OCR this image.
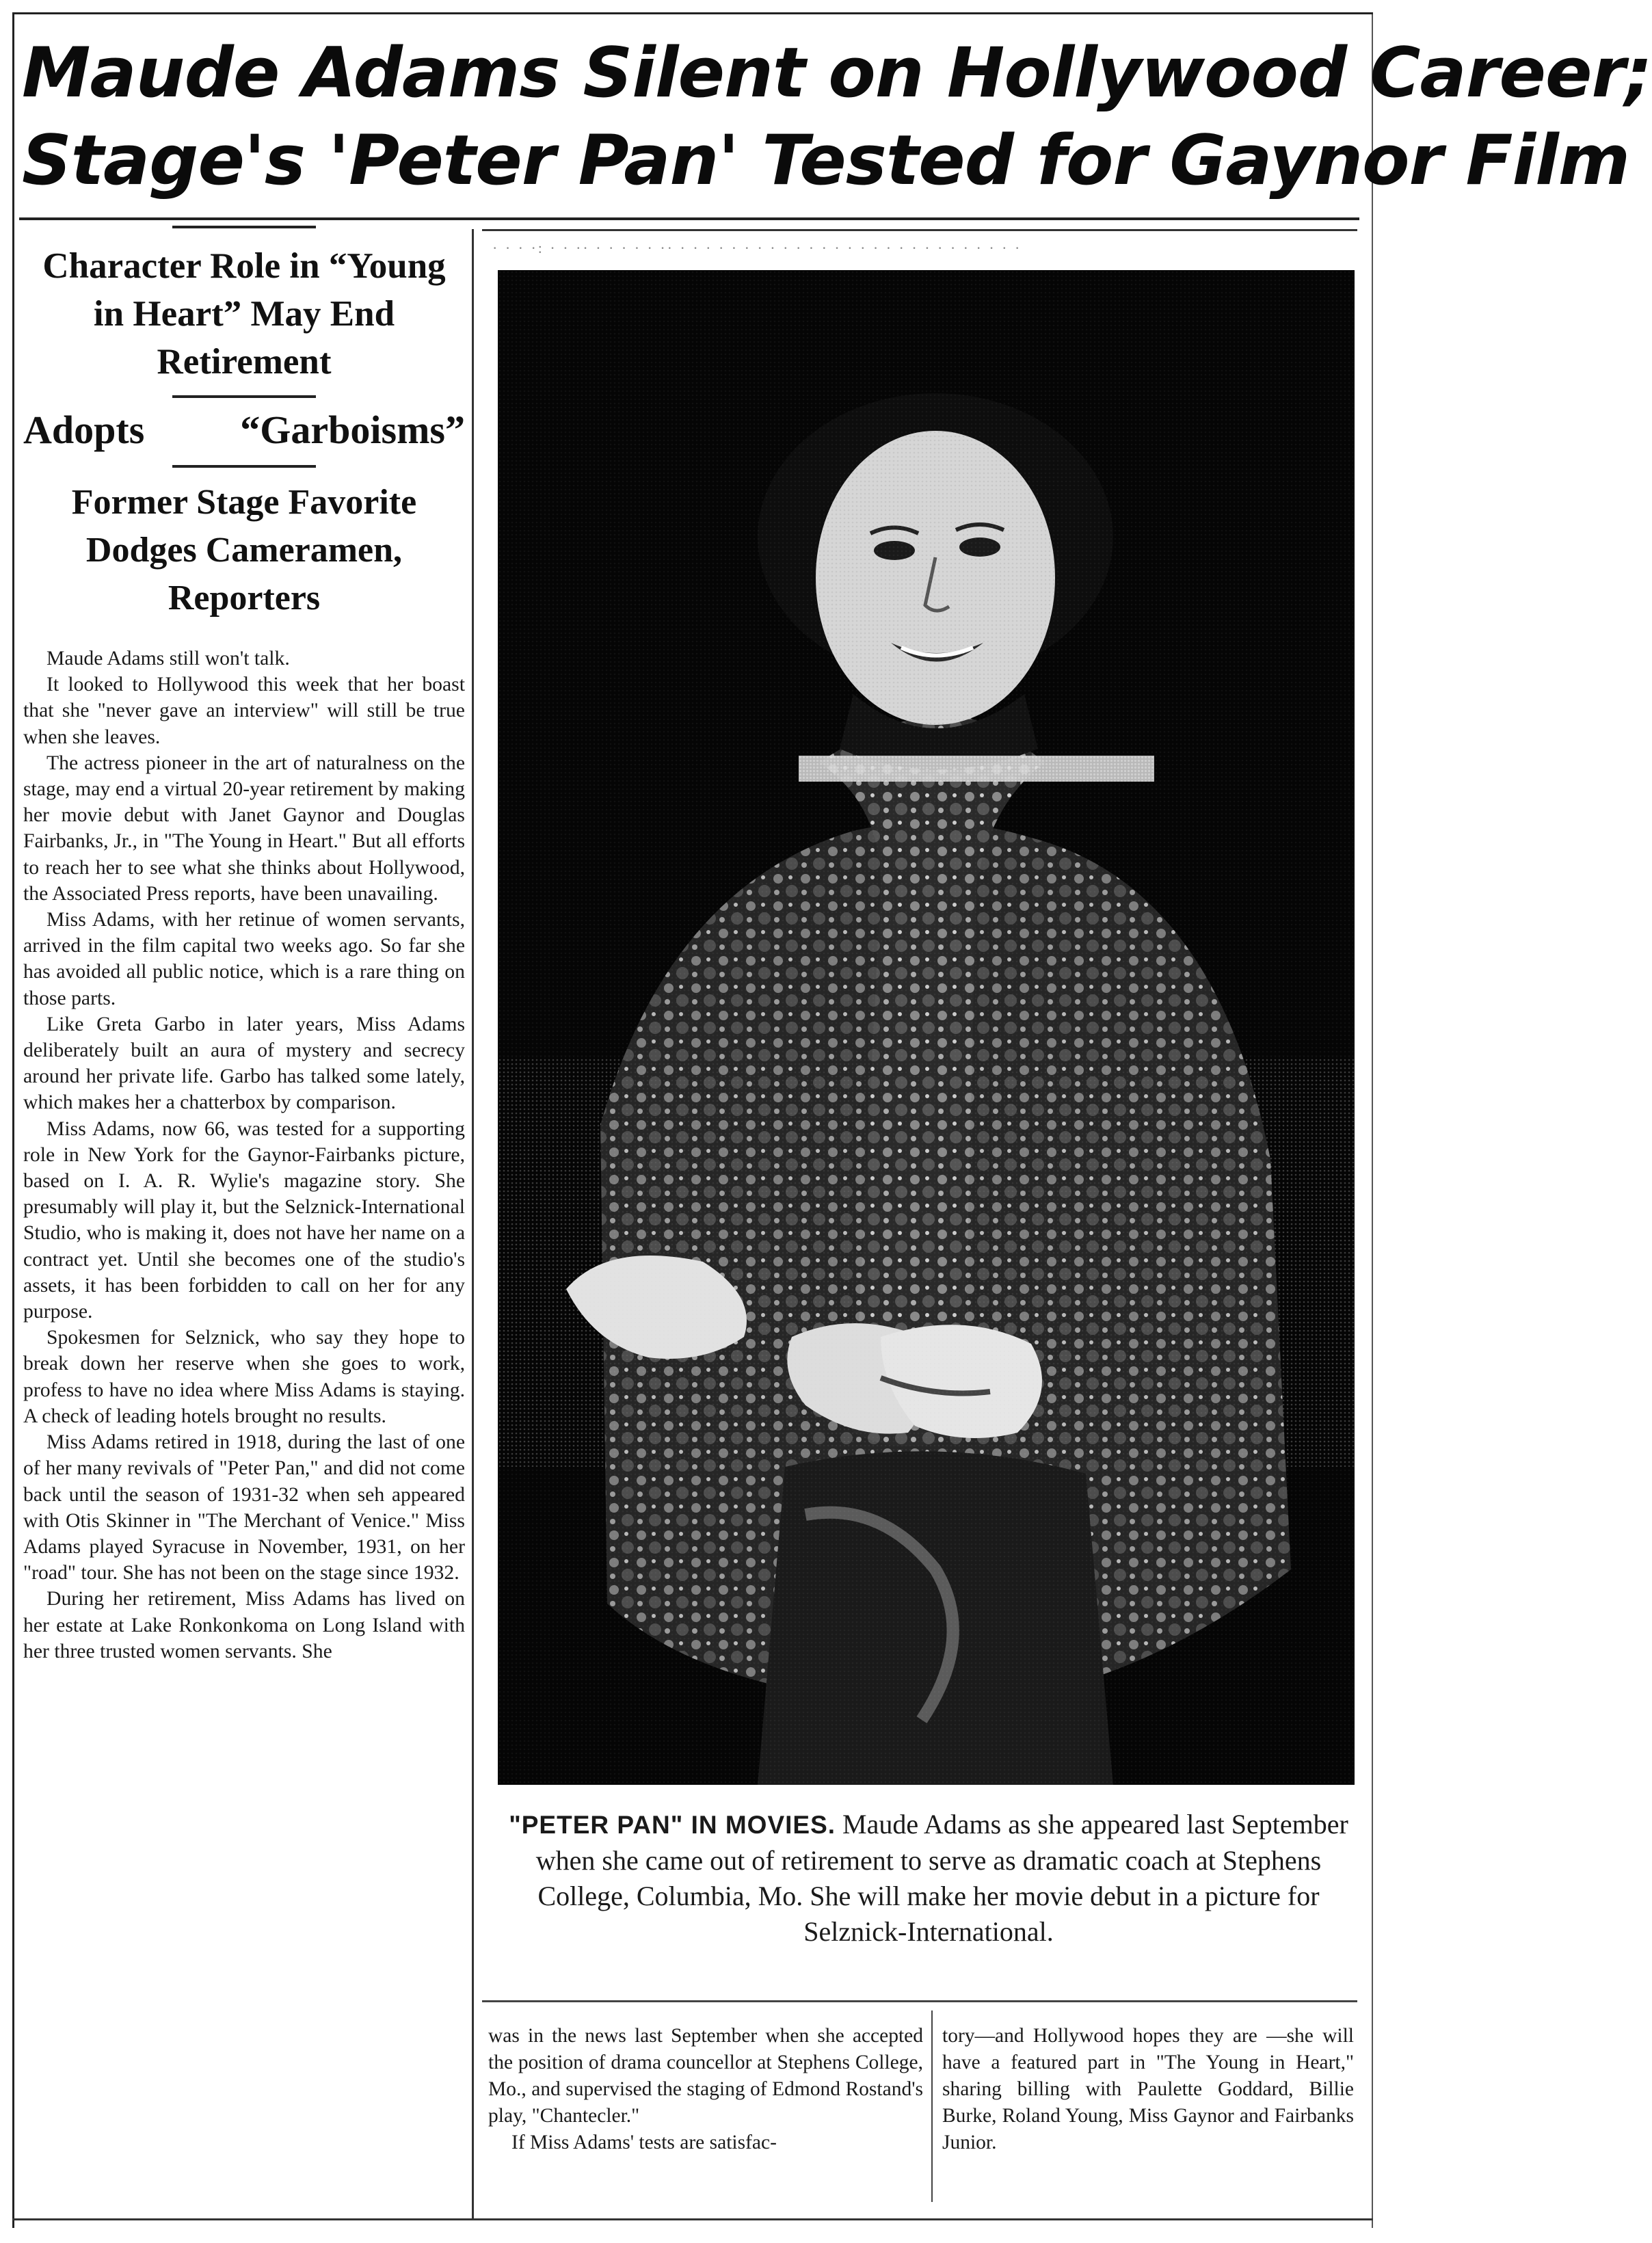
Maude Adams Silent on Hollywood Career;
Stage's 'Peter Pan' Tested for Gaynor Film
Character Role in “Young in Heart” May End Retirement
Adopts “Garboisms”
Former Stage Favorite Dodges Cameramen, Reporters

Maude Adams still won't talk.

It looked to Hollywood this week that her boast that she "never gave an interview" will still be true when she leaves.

The actress pioneer in the art of naturalness on the stage, may end a virtual 20-year retirement by making her movie debut with Janet Gaynor and Douglas Fairbanks, Jr., in "The Young in Heart." But all efforts to reach her to see what she thinks about Hollywood, the Associated Press reports, have been unavailing.

Miss Adams, with her retinue of women servants, arrived in the film capital two weeks ago. So far she has avoided all public notice, which is a rare thing on those parts.

Like Greta Garbo in later years, Miss Adams deliberately built an aura of mystery and secrecy around her private life. Garbo has talked some lately, which makes her a chatterbox by comparison.

Miss Adams, now 66, was tested for a supporting role in New York for the Gaynor-Fairbanks picture, based on I. A. R. Wylie's magazine story. She presumably will play it, but the Selznick-International Studio, who is making it, does not have her name on a contract yet. Until she becomes one of the studio's assets, it has been forbidden to call on her for any purpose.

Spokesmen for Selznick, who say they hope to break down her reserve when she goes to work, profess to have no idea where Miss Adams is staying. A check of leading hotels brought no results.

Miss Adams retired in 1918, during the last of one of her many revivals of "Peter Pan," and did not come back until the season of 1931-32 when seh appeared with Otis Skinner in "The Merchant of Venice." Miss Adams played Syracuse in November, 1931, on her "road" tour. She has not been on the stage since 1932.

During her retirement, Miss Adams has lived on her estate at Lake Ronkonkoma on Long Island with her three trusted women servants. She

· · · ·: · · ·· · · · · · ·· · · · · · · · · · · · · · · · · · · · · · · · · · · ·
"PETER PAN" IN MOVIES. Maude Adams as she appeared last September when she came out of retirement to serve as dramatic coach at Stephens College, Columbia, Mo. She will make her movie debut in a picture for Selznick-International.

was in the news last September when she accepted the position of drama councellor at Stephens College, Mo., and supervised the staging of Edmond Rostand's play, "Chantecler."

If Miss Adams' tests are satisfac-

tory—and Hollywood hopes they are —she will have a featured part in "The Young in Heart," sharing billing with Paulette Goddard, Billie Burke, Roland Young, Miss Gaynor and Fairbanks Junior.
